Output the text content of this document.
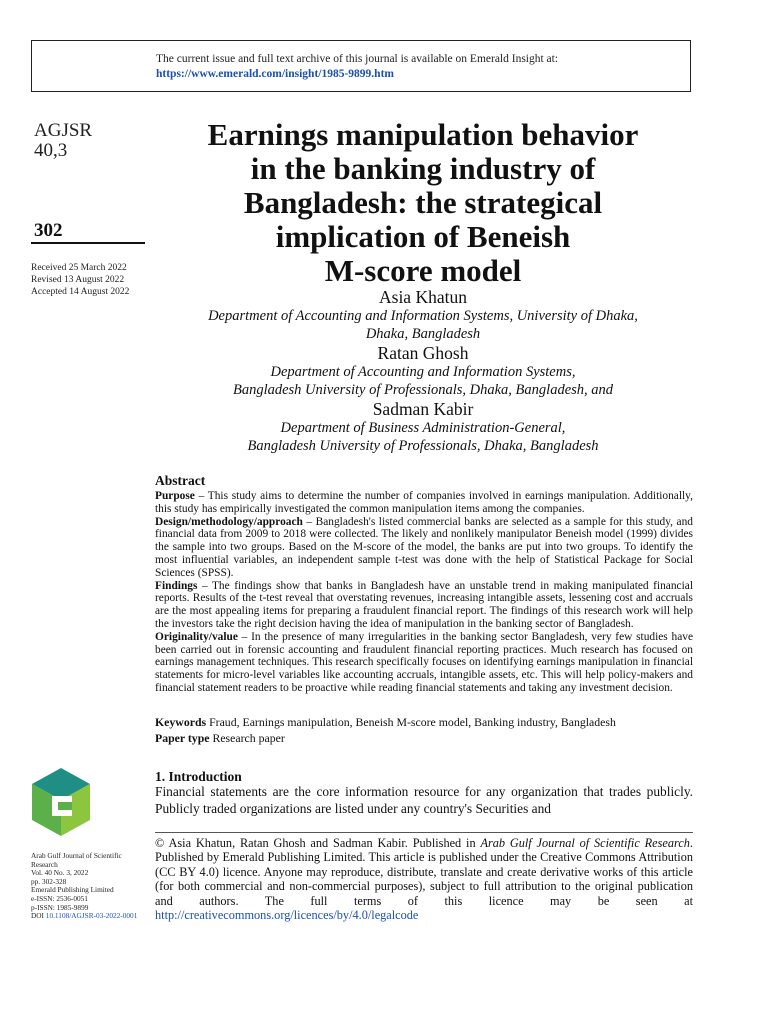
The current issue and full text archive of this journal is available on Emerald Insight at:
https://www.emerald.com/insight/1985-9899.htm
AGJSR
40,3
302
Received 25 March 2022
Revised 13 August 2022
Accepted 14 August 2022
Earnings manipulation behavior
in the banking industry of
Bangladesh: the strategical
implication of Beneish
M-score model
Asia Khatun
Department of Accounting and Information Systems, University of Dhaka,
Dhaka, Bangladesh
Ratan Ghosh
Department of Accounting and Information Systems,
Bangladesh University of Professionals, Dhaka, Bangladesh, and
Sadman Kabir
Department of Business Administration-General,
Bangladesh University of Professionals, Dhaka, Bangladesh
Abstract

Purpose – This study aims to determine the number of companies involved in earnings manipulation. Additionally, this study has empirically investigated the common manipulation items among the companies.

Design/methodology/approach – Bangladesh's listed commercial banks are selected as a sample for this study, and financial data from 2009 to 2018 were collected. The likely and nonlikely manipulator Beneish model (1999) divides the sample into two groups. Based on the M-score of the model, the banks are put into two groups. To identify the most influential variables, an independent sample t-test was done with the help of Statistical Package for Social Sciences (SPSS).

Findings – The findings show that banks in Bangladesh have an unstable trend in making manipulated financial reports. Results of the t-test reveal that overstating revenues, increasing intangible assets, lessening cost and accruals are the most appealing items for preparing a fraudulent financial report. The findings of this research work will help the investors take the right decision having the idea of manipulation in the banking sector of Bangladesh.

Originality/value – In the presence of many irregularities in the banking sector Bangladesh, very few studies have been carried out in forensic accounting and fraudulent financial reporting practices. Much research has focused on earnings management techniques. This research specifically focuses on identifying earnings manipulation in financial statements for micro-level variables like accounting accruals, intangible assets, etc. This will help policy-makers and financial statement readers to be proactive while reading financial statements and taking any investment decision.

Keywords Fraud, Earnings manipulation, Beneish M-score model, Banking industry, Bangladesh
Paper type Research paper
Arab Gulf Journal of Scientific
Research
Vol. 40 No. 3, 2022
pp. 302-328
Emerald Publishing Limited
e-ISSN: 2536-0051
p-ISSN: 1985-9899
DOI 10.1108/AGJSR-03-2022-0001
1. Introduction
Financial statements are the core information resource for any organization that trades publicly. Publicly traded organizations are listed under any country's Securities and
© Asia Khatun, Ratan Ghosh and Sadman Kabir. Published in Arab Gulf Journal of Scientific Research. Published by Emerald Publishing Limited. This article is published under the Creative Commons Attribution (CC BY 4.0) licence. Anyone may reproduce, distribute, translate and create derivative works of this article (for both commercial and non-commercial purposes), subject to full attribution to the original publication and authors. The full terms of this licence may be seen at http://creativecommons.org/licences/by/4.0/legalcode
